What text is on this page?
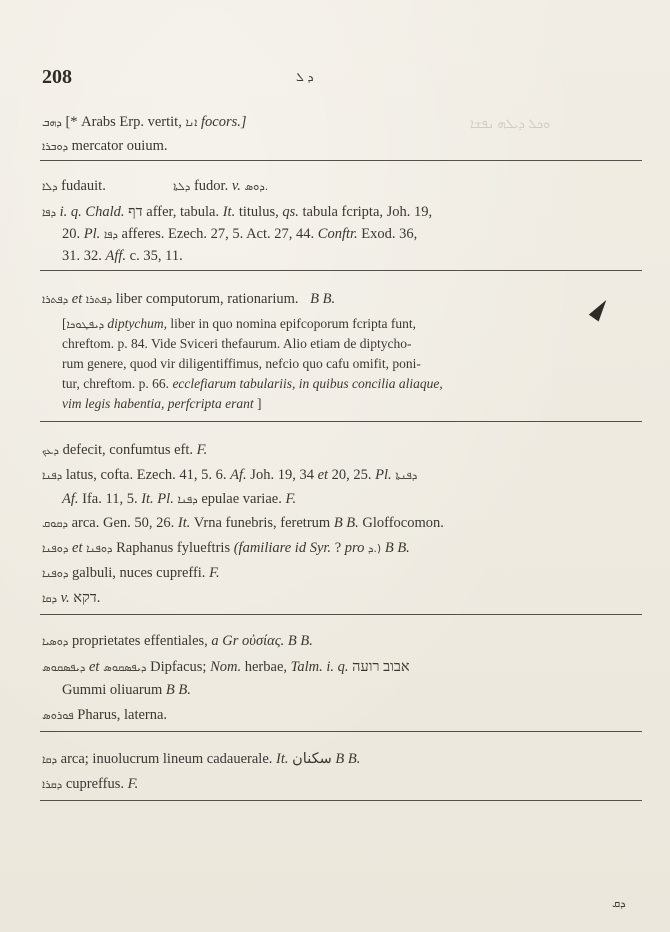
208	ܕ ܠ
ܘܟܠ ܕܝܠܗ ܢܦܫܐ
ܕܗܒ [* Arabs Erp. vertit, ܐܢܐ focors.]
ܕܘܒܪܐ mercator ouium.
ܕܠܐ fudauit.	ܕܠܬܐ fudor. v. ܕܘܣ.
ܕܦܐ i. q. Chald. דף affer, tabula. It. titulus, qs. tabula fcripta, Joh. 19,
20. Pl. ܕܦܐ afferes. Ezech. 27, 5. Act. 27, 44. Conftr. Exod. 36,
31. 32. Aff. c. 35, 11.
ܕܦܬܪܐ et ܕܦܬܪܐ liber computorum, rationarium. B B.
[ܕܝܦܛܘܟܐ diptychum, liber in quo nomina epifcoporum fcripta funt,
chreftom. p. 84. Vide Sviceri thefaurum. Alio etiam de diptycho-
rum genere, quod vir diligentiffimus, nefcio quo cafu omifit, poni-
tur, chreftom. p. 66. ecclefiarum tabulariis, in quibus concilia aliaque,
vim legis habentia, perfcripta erant ]
ܕܥܟ defecit, confumtus eft. F.
ܕܦܢܐ latus, cofta. Ezech. 41, 5. 6. Af. Joh. 19, 34 et 20, 25. Pl. ܕܦܢܬܐ
Af. Ifa. 11, 5. It. Pl. ܕܦܢܐ epulae variae. F.
ܕܩܘܩ arca. Gen. 50, 26. It. Vrna funebris, feretrum B B. Gloffocomon.
ܕܘܦܢܐ et ܕܘܦܢܐ Raphanus fylueftris (familiare id Syr. ? pro ܕ.) B B.
ܕܘܦܢܐ galbuli, nuces cupreffi. F.
ܕܩܐ v. דקא.
ܕܘܣܝܐ proprietates effentiales, a Gr οὐσίας. B B.
ܕܝܦܣܩܘܣ et ܕܝܦܣܩܘܣ Dipfacus; Nom. herbae, Talm. i. q. אבוב רועה
Gummi oliuarum B B.
ܦܘܪܘܣ Pharus, laterna.
ܕܩܐ arca; inuolucrum lineum cadauerale. It. سكنان B B.
ܕܩܪܐ cupreffus. F.
ܕܩ
